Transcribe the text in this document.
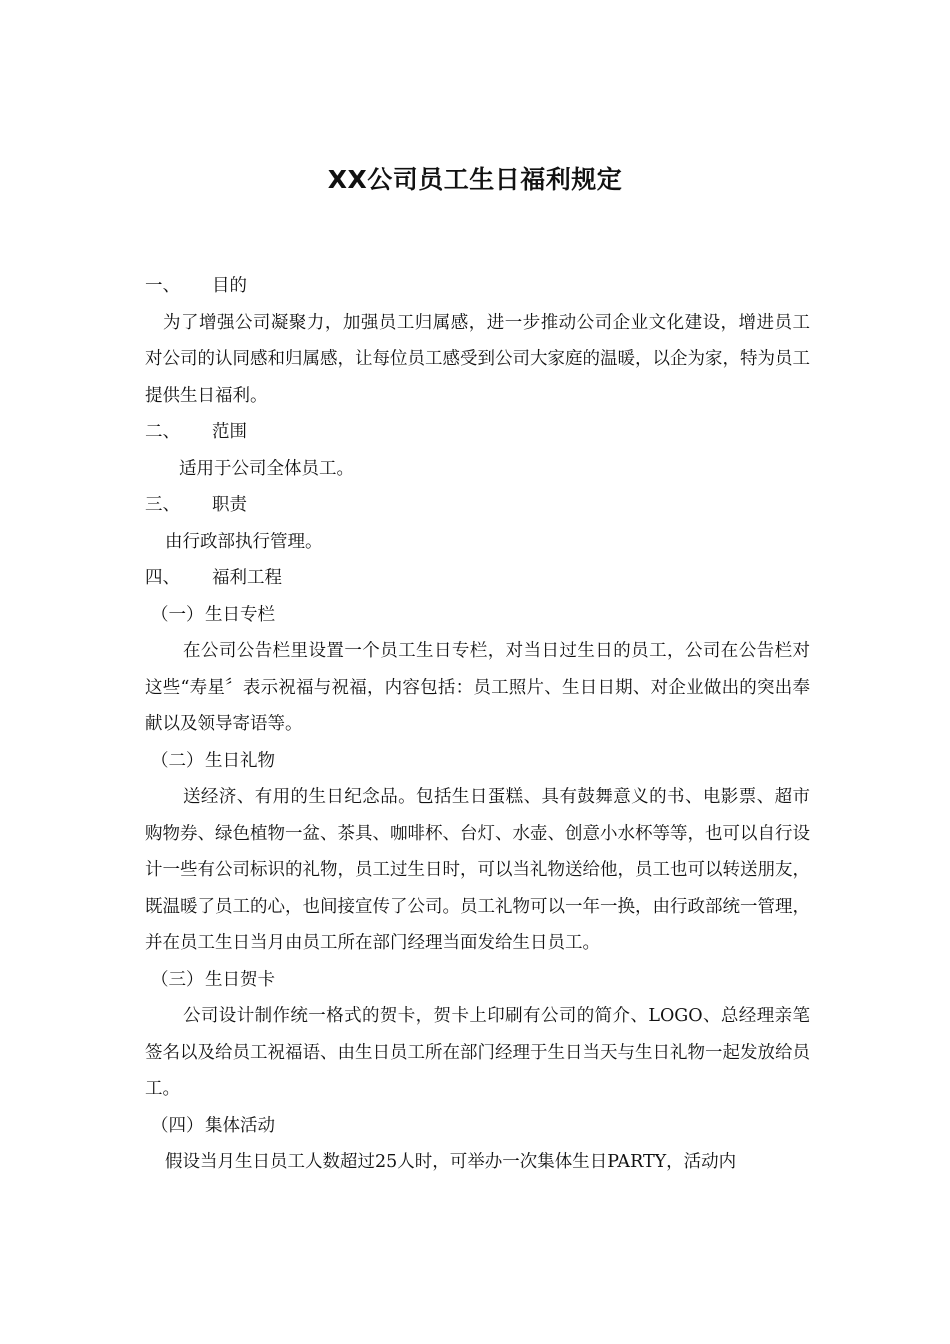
XX公司员工生日福利规定
一、 目的
为了增强公司凝聚力，加强员工归属感，进一步推动公司企业文化建设，增进员工对公司的认同感和归属感，让每位员工感受到公司大家庭的温暖，以企为家，特为员工提供生日福利。
二、 范围
适用于公司全体员工。
三、 职责
由行政部执行管理。
四、 福利工程
（一）生日专栏
在公司公告栏里设置一个员工生日专栏，对当日过生日的员工，公司在公告栏对这些“寿星〞表示祝福与祝福，内容包括：员工照片、生日日期、对企业做出的突出奉献以及领导寄语等。
（二）生日礼物
送经济、有用的生日纪念品。包括生日蛋糕、具有鼓舞意义的书、电影票、超市购物券、绿色植物一盆、茶具、咖啡杯、台灯、水壶、创意小水杯等等，也可以自行设计一些有公司标识的礼物，员工过生日时，可以当礼物送给他，员工也可以转送朋友，既温暖了员工的心，也间接宣传了公司。员工礼物可以一年一换，由行政部统一管理，并在员工生日当月由员工所在部门经理当面发给生日员工。
（三）生日贺卡
公司设计制作统一格式的贺卡，贺卡上印刷有公司的简介、LOGO、总经理亲笔签名以及给员工祝福语、由生日员工所在部门经理于生日当天与生日礼物一起发放给员工。
（四）集体活动
假设当月生日员工人数超过25人时，可举办一次集体生日PARTY，活动内
